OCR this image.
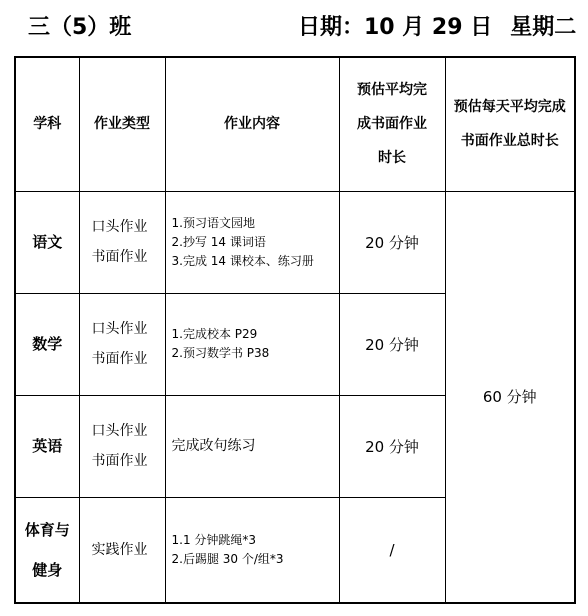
三（5）班	日期：10 月 29 日 星期二
学科	作业类型	作业内容	预估平均完
成书面作业
时长	预估每天平均完成
书面作业总时长

语文	口头作业
书面作业	1.预习语文园地
2.抄写 14 课词语
3.完成 14 课校本、练习册	20 分钟	60 分钟

数学	口头作业
书面作业	1.完成校本 P29
2.预习数学书 P38	20 分钟	

英语	口头作业
书面作业	完成改句练习	20 分钟	

体育与
健身	实践作业	1.1 分钟跳绳*3
2.后踢腿 30 个/组*3	/	
